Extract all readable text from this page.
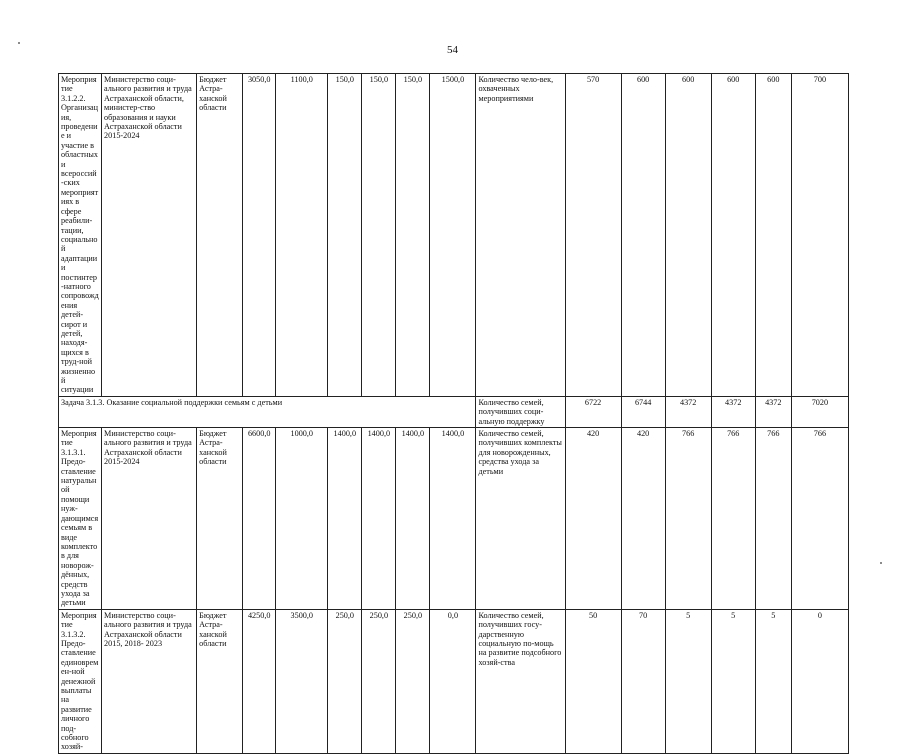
54
Мероприятие 3.1.2.2. Организация, проведение и участие в областных и всероссий-ских мероприятиях в сфере реабили-тации, социальной адаптации и постинтер-натного сопровождения детей-сирот и детей, находя-щихся в труд-ной жизненной ситуации	Министерство соци-ального развития и труда Астраханской области, министер-ство образования и науки Астраханской области 2015-2024	Бюджет Астра-ханской области	3050,0	1100,0	150,0	150,0	150,0	1500,0	Количество чело-век, охваченных мероприятиями	570	600	600	600	600	700
Задача 3.1.3. Оказание социальной поддержки семьям с детьми									Количество семей, получивших соци-альную поддержку	6722	6744	4372	4372	4372	7020
Мероприятие 3.1.3.1. Предо-ставление натуральной помощи нуж-дающимся семьям в виде комплектов для новорож-дённых, средств ухода за детьми	Министерство соци-ального развития и труда Астраханской области 2015-2024	Бюджет Астра-ханской области	6600,0	1000,0	1400,0	1400,0	1400,0	1400,0	Количество семей, получивших комплекты для новорожденных, средства ухода за детьми	420	420	766	766	766	766
Мероприятие 3.1.3.2. Предо-ставление единовремен-ной денежной выплаты на развитие личного под-собного хозяй-	Министерство соци-ального развития и труда Астраханской области 2015, 2018- 2023	Бюджет Астра-ханской области	4250,0	3500,0	250,0	250,0	250,0	0,0	Количество семей, получивших госу-дарственную социальную по-мощь на развитие подсобного хозяй-ства	50	70	5	5	5	0
